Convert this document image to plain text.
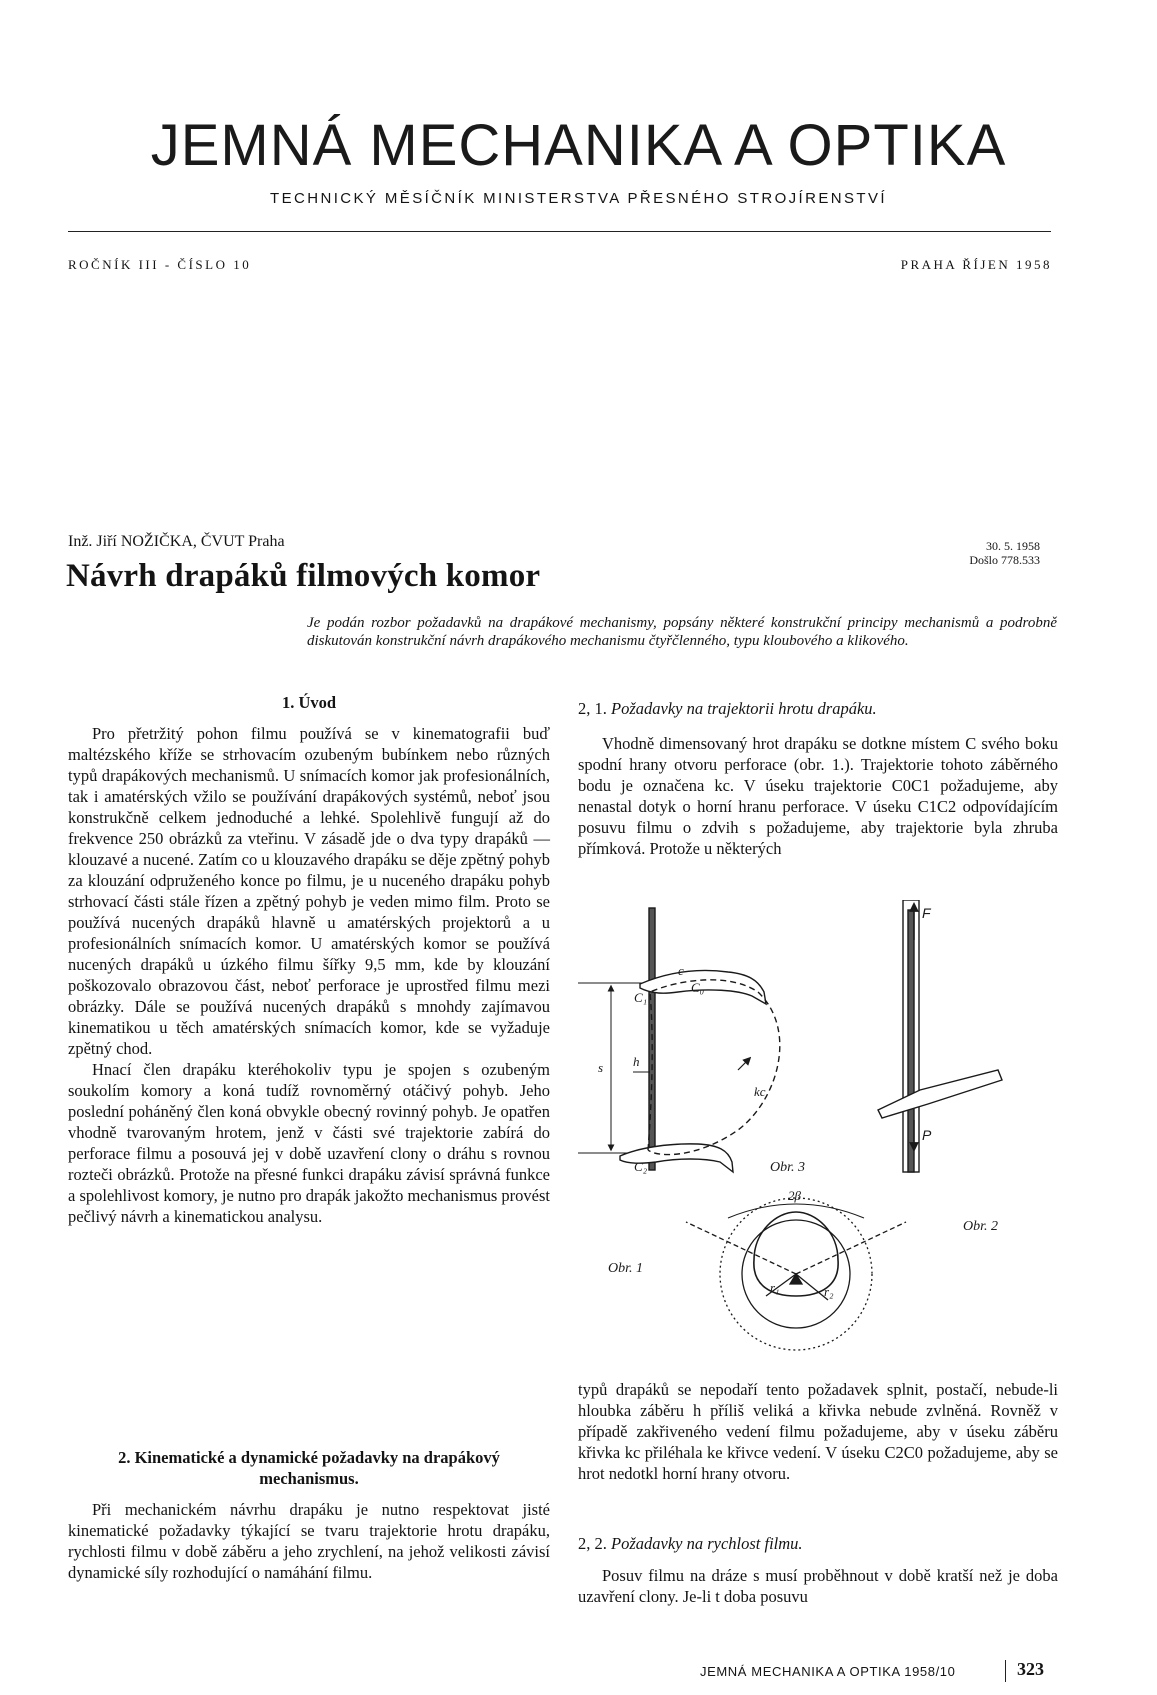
JEMNÁ MECHANIKA A OPTIKA
TECHNICKÝ MĚSÍČNÍK MINISTERSTVA PŘESNÉHO STROJÍRENSTVÍ
ROČNÍK III - ČÍSLO 10	PRAHA ŘÍJEN 1958
Inž. Jiří NOŽIČKA, ČVUT Praha
Návrh drapáků filmových komor
30. 5. 1958
Došlo 778.533
Je podán rozbor požadavků na drapákové mechanismy, popsány některé konstrukční principy mechanismů a podrobně diskutován konstrukční návrh drapákového mechanismu čtyřčlenného, typu kloubového a klikového.
1. Úvod

Pro přetržitý pohon filmu používá se v kinematografii buď maltézského kříže se strhovacím ozubeným bubínkem nebo různých typů drapákových mechanismů. U snímacích komor jak profesionálních, tak i amatérských vžilo se používání drapákových systémů, neboť jsou konstrukčně celkem jednoduché a lehké. Spolehlivě fungují až do frekvence 250 obrázků za vteřinu. V zásadě jde o dva typy drapáků — klouzavé a nucené. Zatím co u klouzavého drapáku se děje zpětný pohyb za klouzání odpruženého konce po filmu, je u nuceného drapáku pohyb strhovací části stále řízen a zpětný pohyb je veden mimo film. Proto se používá nucených drapáků hlavně u amatérských projektorů a u profesionálních snímacích komor. U amatérských komor se používá nucených drapáků u úzkého filmu šířky 9,5 mm, kde by klouzání poškozovalo obrazovou část, neboť perforace je uprostřed filmu mezi obrázky. Dále se používá nucených drapáků s mnohdy zajímavou kinematikou u těch amatérských snímacích komor, kde se vyžaduje zpětný chod.

Hnací člen drapáku kteréhokoliv typu je spojen s ozubeným soukolím komory a koná tudíž rovnoměrný otáčivý pohyb. Jeho poslední poháněný člen koná obvykle obecný rovinný pohyb. Je opatřen vhodně tvarovaným hrotem, jenž v části své trajektorie zabírá do perforace filmu a posouvá jej v době uzavření clony o dráhu s rovnou rozteči obrázků. Protože na přesné funkci drapáku závisí správná funkce a spolehlivost komory, je nutno pro drapák jakožto mechanismus provést pečlivý návrh a kinematickou analysu.

2. Kinematické a dynamické požadavky na drapákový mechanismus.

Při mechanickém návrhu drapáku je nutno respektovat jisté kinematické požadavky týkající se tvaru trajektorie hrotu drapáku, rychlosti filmu v době záběru a jeho zrychlení, na jehož velikosti závisí dynamické síly rozhodující o namáhání filmu.

2, 1. Požadavky na trajektorii hrotu drapáku.

Vhodně dimensovaný hrot drapáku se dotkne místem C svého boku spodní hrany otvoru perforace (obr. 1.). Trajektorie tohoto záběrného bodu je označena kc. V úseku trajektorie C0C1 požadujeme, aby nenastal dotyk o horní hranu perforace. V úseku C1C2 odpovídajícím posuvu filmu o zdvih s požadujeme, aby trajektorie byla zhruba přímková. Protože u některých

c
C₀
C₁
C₂
kc
h
s
Obr. 1
F
P
Obr. 2
2β
r₁	r₂
Obr. 3

typů drapáků se nepodaří tento požadavek splnit, postačí, nebude-li hloubka záběru h příliš veliká a křivka nebude zvlněná. Rovněž v případě zakřiveného vedení filmu požadujeme, aby v úseku záběru křivka kc přiléhala ke křivce vedení. V úseku C2C0 požadujeme, aby se hrot nedotkl horní hrany otvoru.

2, 2. Požadavky na rychlost filmu.

Posuv filmu na dráze s musí proběhnout v době kratší než je doba uzavření clony. Je-li t doba posuvu

JEMNÁ MECHANIKA A OPTIKA 1958/10	323
